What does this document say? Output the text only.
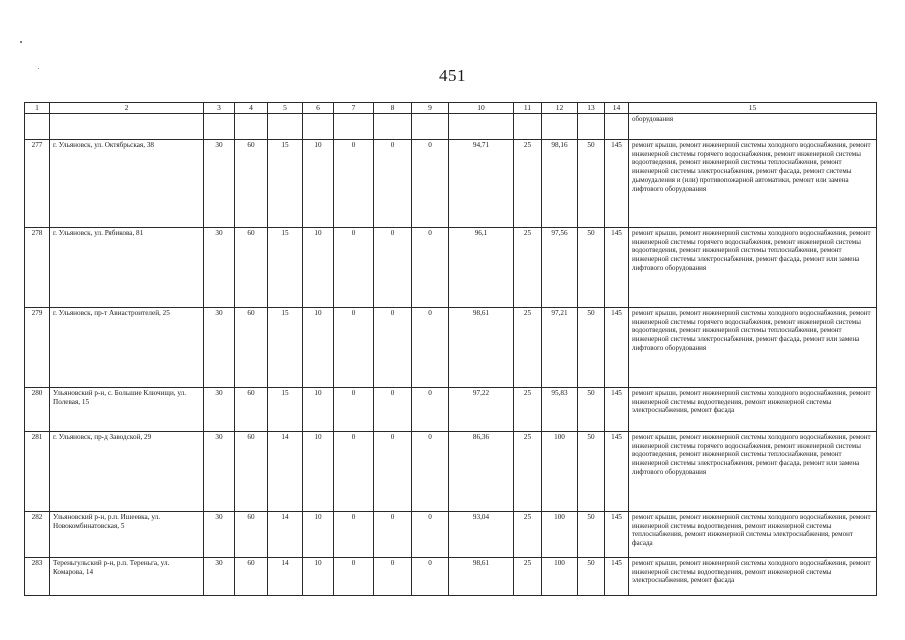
451
1	2	3	4	5	6	7	8	9	10	11	12	13	14	15
														оборудования
277	г. Ульяновск, ул. Октябрьская, 38	30	60	15	10	0	0	0	94,71	25	98,16	50	145	ремонт крыши, ремонт инженерной системы холодного водоснабжения, ремонт инженерной системы горячего водоснабжения, ремонт инженерной системы водоотведения, ремонт инженерной системы теплоснабжения, ремонт инженерной системы электроснабжения, ремонт фасада, ремонт системы дымоудаления и (или) противопожарной автоматики, ремонт или замена лифтового оборудования
278	г. Ульяновск, ул. Рябикова, 81	30	60	15	10	0	0	0	96,1	25	97,56	50	145	ремонт крыши, ремонт инженерной системы холодного водоснабжения, ремонт инженерной системы горячего водоснабжения, ремонт инженерной системы водоотведения, ремонт инженерной системы теплоснабжения, ремонт инженерной системы электроснабжения, ремонт фасада, ремонт или замена лифтового оборудования
279	г. Ульяновск, пр-т Авиастроителей, 25	30	60	15	10	0	0	0	98,61	25	97,21	50	145	ремонт крыши, ремонт инженерной системы холодного водоснабжения, ремонт инженерной системы горячего водоснабжения, ремонт инженерной системы водоотведения, ремонт инженерной системы теплоснабжения, ремонт инженерной системы электроснабжения, ремонт фасада, ремонт или замена лифтового оборудования
280	Ульяновский р-н, с. Большие Ключищи, ул. Полевая, 15	30	60	15	10	0	0	0	97,22	25	95,83	50	145	ремонт крыши, ремонт инженерной системы холодного водоснабжения, ремонт инженерной системы водоотведения, ремонт инженерной системы электроснабжения, ремонт фасада
281	г. Ульяновск, пр-д Заводской, 29	30	60	14	10	0	0	0	86,36	25	100	50	145	ремонт крыши, ремонт инженерной системы холодного водоснабжения, ремонт инженерной системы горячего водоснабжения, ремонт инженерной системы водоотведения, ремонт инженерной системы теплоснабжения, ремонт инженерной системы электроснабжения, ремонт фасада, ремонт или замена лифтового оборудования
282	Ульяновский р-н, р.п. Ишеевка, ул. Новокомбинатовская, 5	30	60	14	10	0	0	0	93,04	25	100	50	145	ремонт крыши, ремонт инженерной системы холодного водоснабжения, ремонт инженерной системы водоотведения, ремонт инженерной системы теплоснабжения, ремонт инженерной системы электроснабжения, ремонт фасада
283	Тереньгульский р-н, р.п. Тереньга, ул. Комарова, 14	30	60	14	10	0	0	0	98,61	25	100	50	145	ремонт крыши, ремонт инженерной системы холодного водоснабжения, ремонт инженерной системы водоотведения, ремонт инженерной системы электроснабжения, ремонт фасада
